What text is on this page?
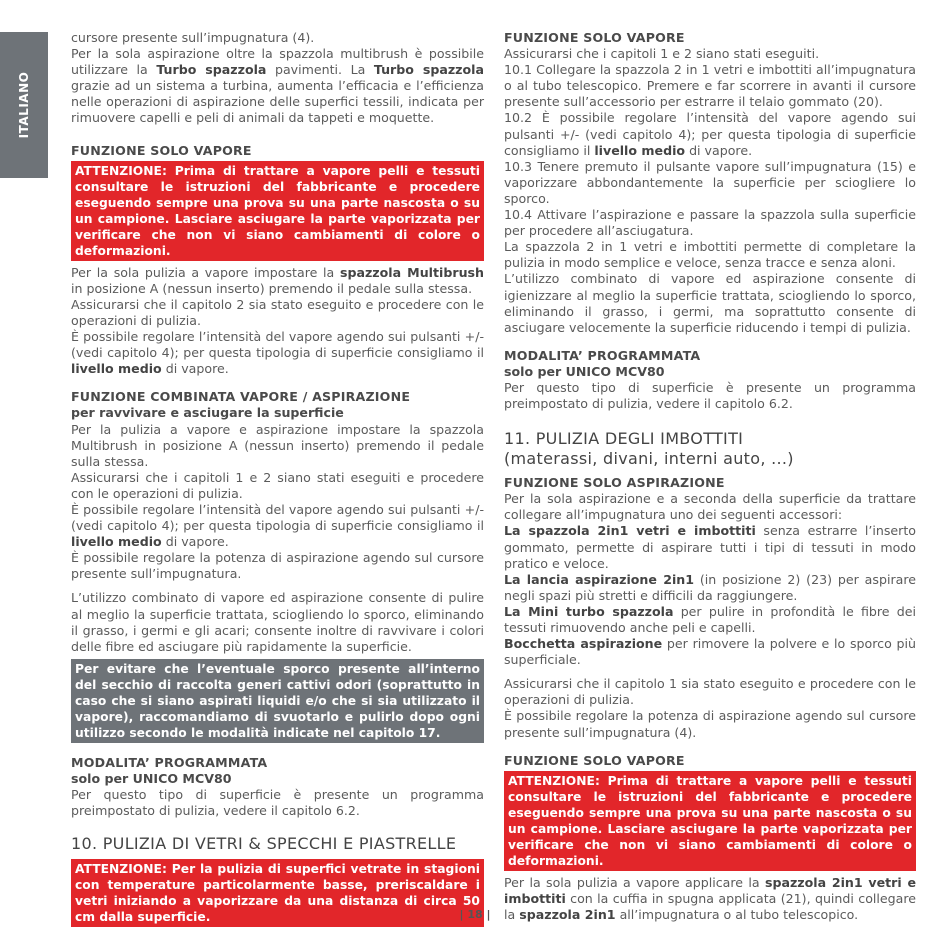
ITALIANO

cursore presente sull’impugnatura (4).

Per la sola aspirazione oltre la spazzola multibrush è possibile utilizzare la Turbo spazzola pavimenti. La Turbo spazzola grazie ad un sistema a turbina, aumenta l’efficacia e l’efficienza nelle operazioni di aspirazione delle superfici tessili, indicata per rimuovere capelli e peli di animali da tappeti e moquette.

FUNZIONE SOLO VAPORE
ATTENZIONE: Prima di trattare a vapore pelli e tessuti consultare le istruzioni del fabbricante e procedere eseguendo sempre una prova su una parte nascosta o su un campione. Lasciare asciugare la parte vaporizzata per verificare che non vi siano cambiamenti di colore o deformazioni.

Per la sola pulizia a vapore impostare la spazzola Multibrush in posizione A (nessun inserto) premendo il pedale sulla stessa.

Assicurarsi che il capitolo 2 sia stato eseguito e procedere con le operazioni di pulizia.

È possibile regolare l’intensità del vapore agendo sui pulsanti +/- (vedi capitolo 4); per questa tipologia di superficie consigliamo il livello medio di vapore.

FUNZIONE COMBINATA VAPORE / ASPIRAZIONE
per ravvivare e asciugare la superficie

Per la pulizia a vapore e aspirazione impostare la spazzola Multibrush in posizione A (nessun inserto) premendo il pedale sulla stessa.

Assicurarsi che i capitoli 1 e 2 siano stati eseguiti e procedere con le operazioni di pulizia.

È possibile regolare l’intensità del vapore agendo sui pulsanti +/- (vedi capitolo 4); per questa tipologia di superficie consigliamo il livello medio di vapore.

È possibile regolare la potenza di aspirazione agendo sul cursore presente sull’impugnatura.

L’utilizzo combinato di vapore ed aspirazione consente di pulire al meglio la superficie trattata, sciogliendo lo sporco, eliminando il grasso, i germi e gli acari; consente inoltre di ravvivare i colori delle fibre ed asciugare più rapidamente la superficie.

Per evitare che l’eventuale sporco presente all’interno del secchio di raccolta generi cattivi odori (soprattutto in caso che si siano aspirati liquidi e/o che si sia utilizzato il vapore), raccomandiamo di svuotarlo e pulirlo dopo ogni utilizzo secondo le modalità indicate nel capitolo 17.
MODALITA’ PROGRAMMATA
solo per UNICO MCV80

Per questo tipo di superficie è presente un programma preimpostato di pulizia, vedere il capitolo 6.2.

10. PULIZIA DI VETRI & SPECCHI E PIASTRELLE
ATTENZIONE: Per la pulizia di superfici vetrate in stagioni con temperature particolarmente basse, preriscaldare i vetri iniziando a vaporizzare da una distanza di circa 50 cm dalla superficie.
FUNZIONE SOLO VAPORE

Assicurarsi che i capitoli 1 e 2 siano stati eseguiti.

10.1 Collegare la spazzola 2 in 1 vetri e imbottiti all’impugnatura o al tubo telescopico. Premere e far scorrere in avanti il cursore presente sull’accessorio per estrarre il telaio gommato (20).

10.2 È possibile regolare l’intensità del vapore agendo sui pulsanti +/- (vedi capitolo 4); per questa tipologia di superficie consigliamo il livello medio di vapore.

10.3 Tenere premuto il pulsante vapore sull’impugnatura (15) e vaporizzare abbondantemente la superficie per sciogliere lo sporco.

10.4 Attivare l’aspirazione e passare la spazzola sulla superficie per procedere all’asciugatura.

La spazzola 2 in 1 vetri e imbottiti permette di completare la pulizia in modo semplice e veloce, senza tracce e senza aloni.

L’utilizzo combinato di vapore ed aspirazione consente di igienizzare al meglio la superficie trattata, sciogliendo lo sporco, eliminando il grasso, i germi, ma soprattutto consente di asciugare velocemente la superficie riducendo i tempi di pulizia.

MODALITA’ PROGRAMMATA
solo per UNICO MCV80

Per questo tipo di superficie è presente un programma preimpostato di pulizia, vedere il capitolo 6.2.

11. PULIZIA DEGLI IMBOTTITI
(materassi, divani, interni auto, ...)
FUNZIONE SOLO ASPIRAZIONE

Per la sola aspirazione e a seconda della superficie da trattare collegare all’impugnatura uno dei seguenti accessori:

La spazzola 2in1 vetri e imbottiti senza estrarre l’inserto gommato, permette di aspirare tutti i tipi di tessuti in modo pratico e veloce.

La lancia aspirazione 2in1 (in posizione 2) (23) per aspirare negli spazi più stretti e difficili da raggiungere.

La Mini turbo spazzola per pulire in profondità le fibre dei tessuti rimuovendo anche peli e capelli.

Bocchetta aspirazione per rimovere la polvere e lo sporco più superficiale.

Assicurarsi che il capitolo 1 sia stato eseguito e procedere con le operazioni di pulizia.

È possibile regolare la potenza di aspirazione agendo sul cursore presente sull’impugnatura (4).

FUNZIONE SOLO VAPORE
ATTENZIONE: Prima di trattare a vapore pelli e tessuti consultare le istruzioni del fabbricante e procedere eseguendo sempre una prova su una parte nascosta o su un campione. Lasciare asciugare la parte vaporizzata per verificare che non vi siano cambiamenti di colore o deformazioni.

Per la sola pulizia a vapore applicare la spazzola 2in1 vetri e imbottiti con la cuffia in spugna applicata (21), quindi collegare la spazzola 2in1 all’impugnatura o al tubo telescopico.

| 18 |
